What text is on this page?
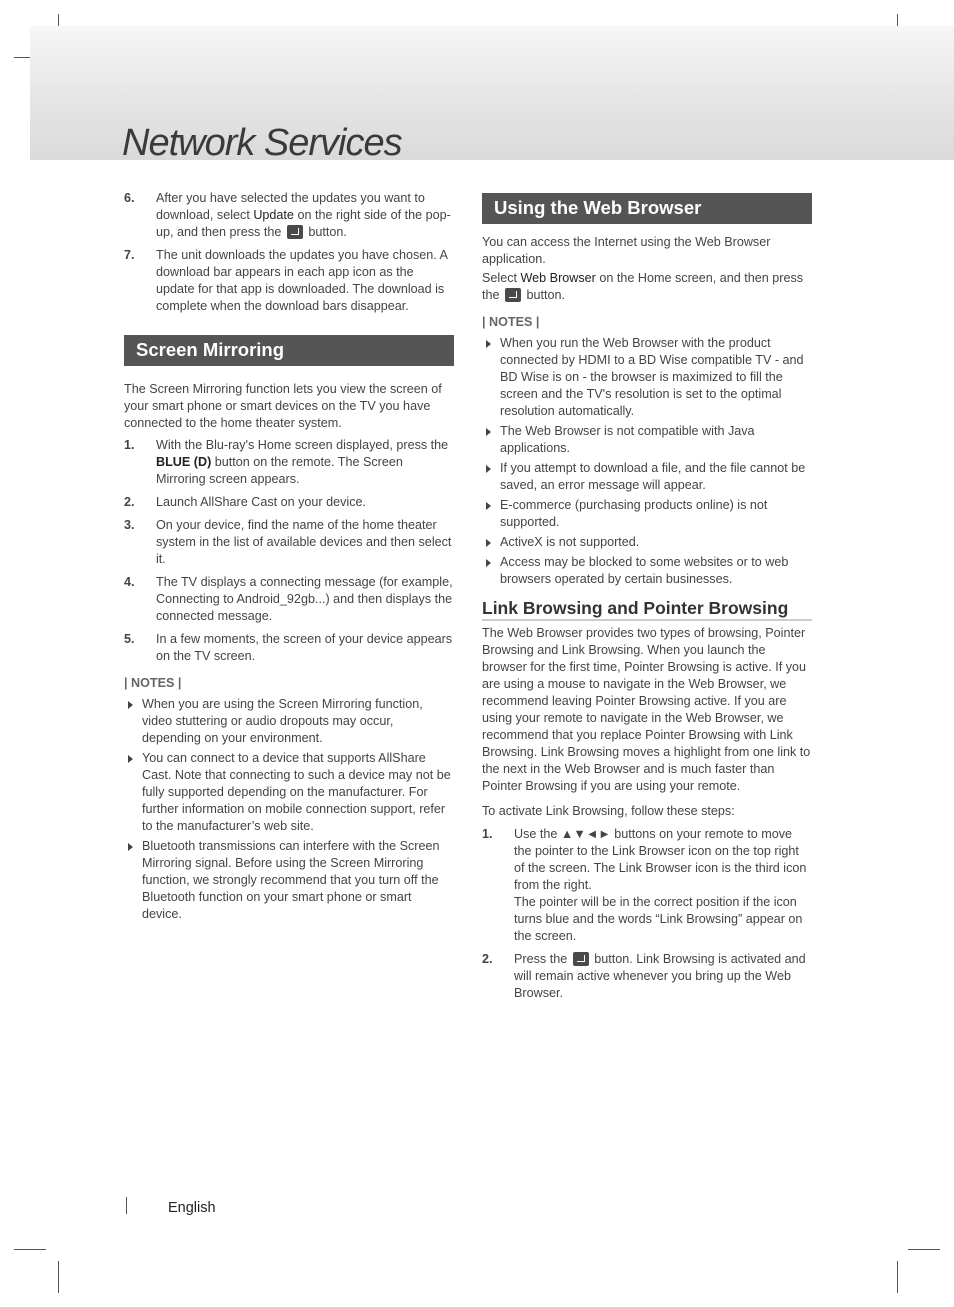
Network Services
6. After you have selected the updates you want to download, select Update on the right side of the pop-up, and then press the  button.
7. The unit downloads the updates you have chosen. A download bar appears in each app icon as the update for that app is downloaded. The download is complete when the download bars disappear.
Screen Mirroring

The Screen Mirroring function lets you view the screen of your smart phone or smart devices on the TV you have connected to the home theater system.

1. With the Blu-ray's Home screen displayed, press the BLUE (D) button on the remote. The Screen Mirroring screen appears.
2. Launch AllShare Cast on your device.
3. On your device, find the name of the home theater system in the list of available devices and then select it.
4. The TV displays a connecting message (for example, Connecting to Android_92gb...) and then displays the connected message.
5. In a few moments, the screen of your device appears on the TV screen.
| NOTES |
When you are using the Screen Mirroring function, video stuttering or audio dropouts may occur, depending on your environment.
You can connect to a device that supports AllShare Cast. Note that connecting to such a device may not be fully supported depending on the manufacturer. For further information on mobile connection support, refer to the manufacturer’s web site.
Bluetooth transmissions can interfere with the Screen Mirroring signal. Before using the Screen Mirroring function, we strongly recommend that you turn off the Bluetooth function on your smart phone or smart device.
Using the Web Browser

You can access the Internet using the Web Browser application.

Select Web Browser on the Home screen, and then press the  button.

| NOTES |
When you run the Web Browser with the product connected by HDMI to a BD Wise compatible TV - and BD Wise is on - the browser is maximized to fill the screen and the TV's resolution is set to the optimal resolution automatically.
The Web Browser is not compatible with Java applications.
If you attempt to download a file, and the file cannot be saved, an error message will appear.
E-commerce (purchasing products online) is not supported.
ActiveX is not supported.
Access may be blocked to some websites or to web browsers operated by certain businesses.
Link Browsing and Pointer Browsing

The Web Browser provides two types of browsing, Pointer Browsing and Link Browsing. When you launch the browser for the first time, Pointer Browsing is active. If you are using a mouse to navigate in the Web Browser, we recommend leaving Pointer Browsing active. If you are using your remote to navigate in the Web Browser, we recommend that you replace Pointer Browsing with Link Browsing. Link Browsing moves a highlight from one link to the next in the Web Browser and is much faster than Pointer Browsing if you are using your remote.

To activate Link Browsing, follow these steps:

1. Use the ▲▼◄► buttons on your remote to move the pointer to the Link Browser icon on the top right of the screen. The Link Browser icon is the third icon from the right.
The pointer will be in the correct position if the icon turns blue and the words “Link Browsing” appear on the screen.
2. Press the  button. Link Browsing is activated and will remain active whenever you bring up the Web Browser.
English
